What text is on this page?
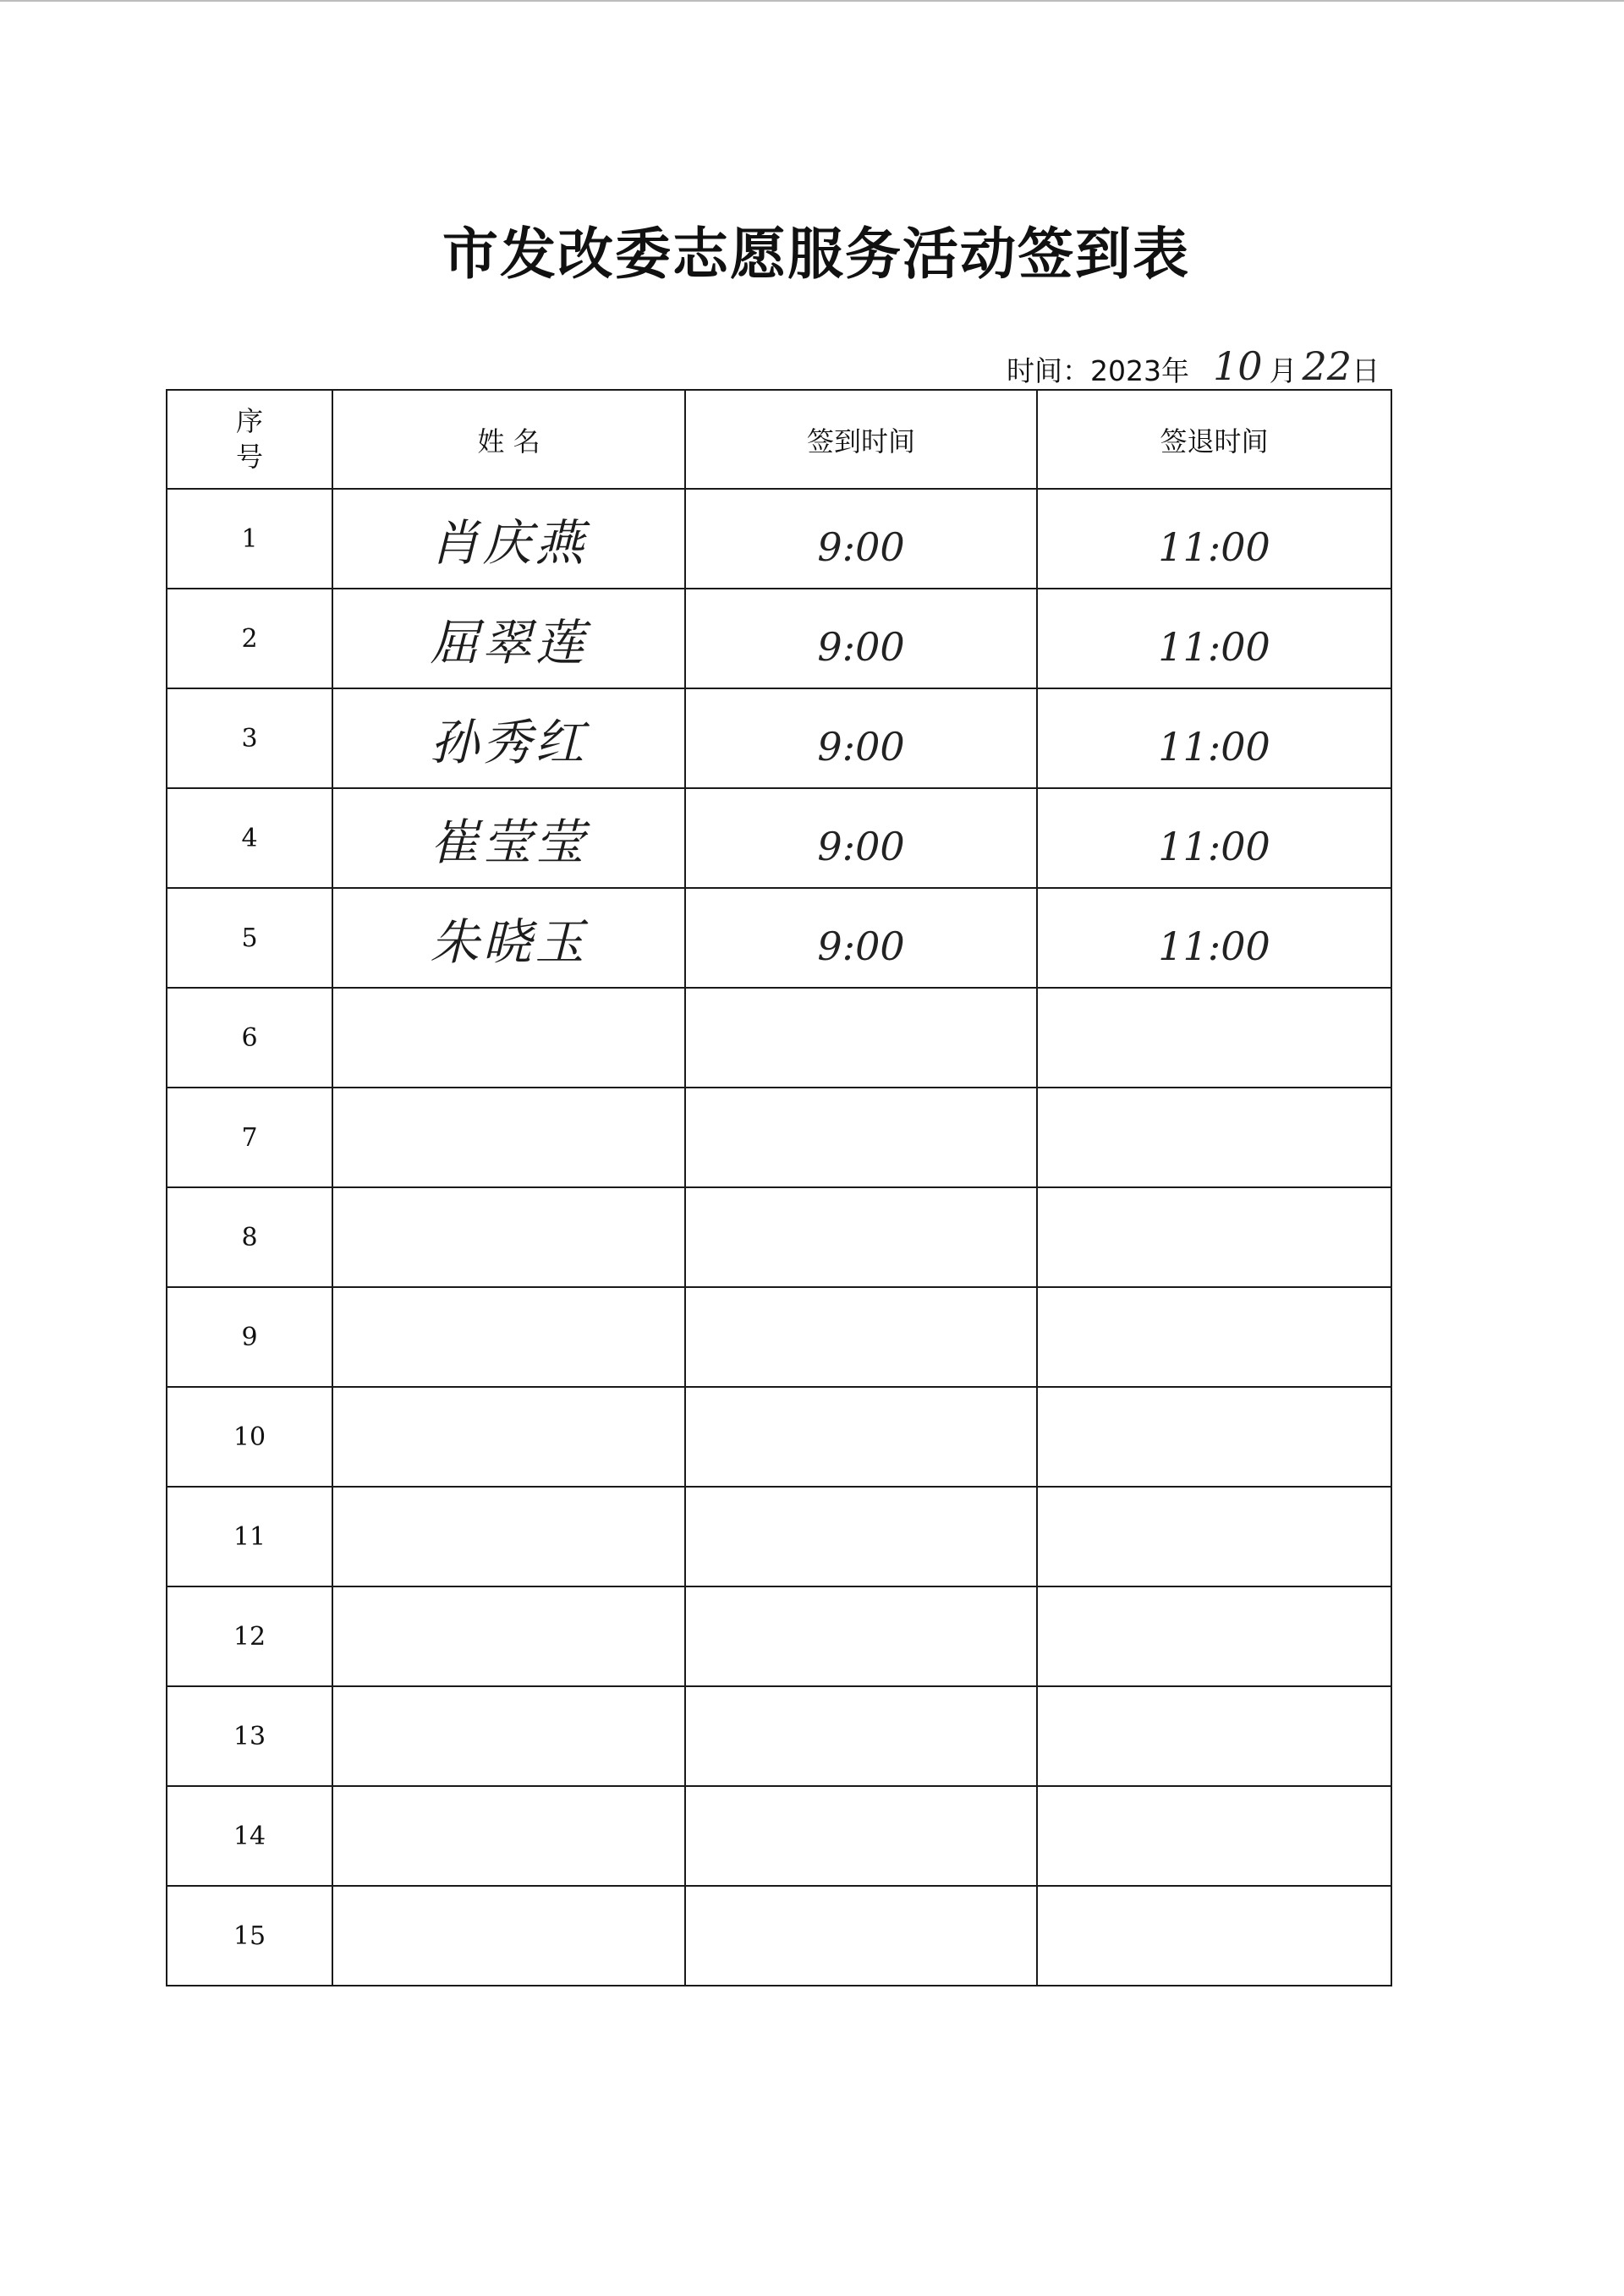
市发改委志愿服务活动签到表
时间：2023年 10 月 22 日
序号	姓 名	签到时间	签退时间
1	肖庆燕	9:00	11:00
2	屈翠莲	9:00	11:00
3	孙秀红	9:00	11:00
4	崔莹莹	9:00	11:00
5	朱晓玉	9:00	11:00
6			
7			
8			
9			
10			
11			
12			
13			
14			
15			
